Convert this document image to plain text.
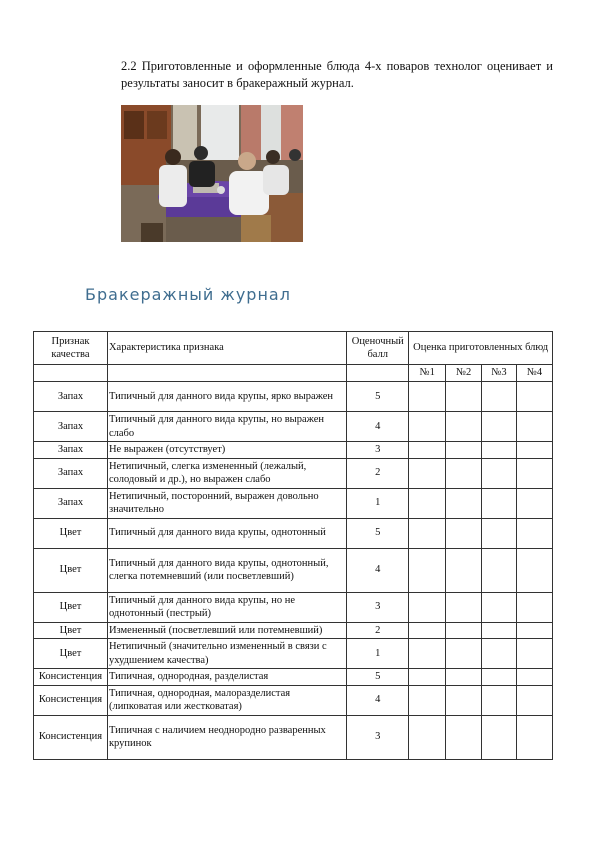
2.2 Приготовленные и оформленные блюда 4-х поваров технолог оценивает и результаты заносит в бракеражный журнал.

Бракеражный журнал
Признак качества	Характеристика признака	Оценочный балл	Оценка приготовленных блюд			
			№1	№2	№3	№4
Запах	Типичный для данного вида крупы, ярко выражен	5				
Запах	Типичный для данного вида крупы, но выражен слабо	4				
Запах	Не выражен (отсутствует)	3				
Запах	Нетипичный, слегка измененный (лежалый, солодовый и др.), но выражен слабо	2				
Запах	Нетипичный, посторонний, выражен довольно значительно	1				
Цвет	Типичный для данного вида крупы, однотонный	5				
Цвет	Типичный для данного вида крупы, однотонный, слегка потемневший (или посветлевший)	4				
Цвет	Типичный для данного вида крупы, но не однотонный (пестрый)	3				
Цвет	Измененный (посветлевший или потемневший)	2				
Цвет	Нетипичный (значительно измененный в связи с ухудшением качества)	1				
Консистенция	Типичная, однородная, разделистая	5				
Консистенция	Типичная, однородная, малоразделистая (липковатая или жестковатая)	4				
Консистенция	Типичная с наличием неоднородно разваренных крупинок	3				
